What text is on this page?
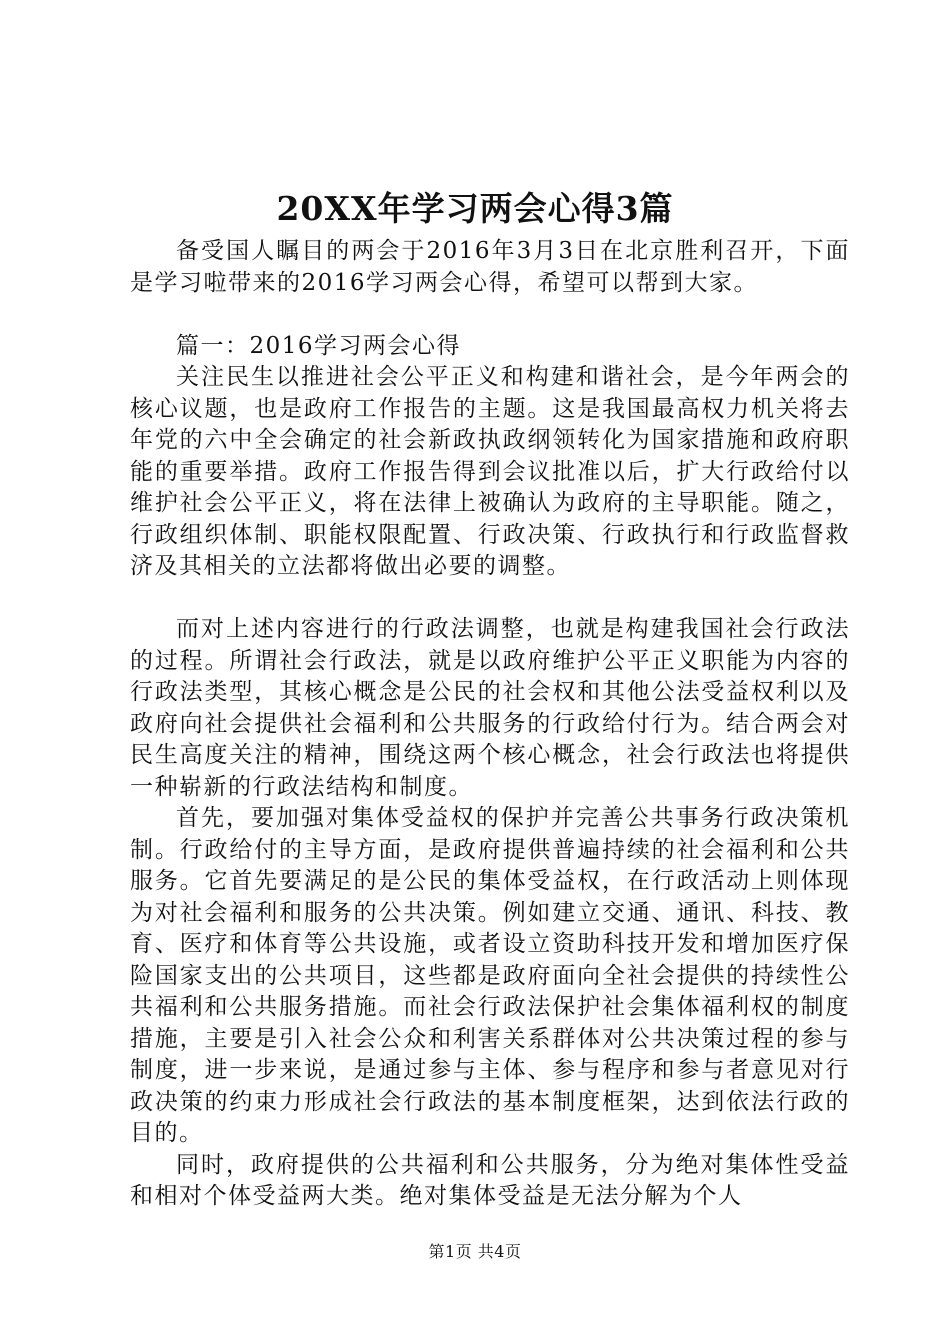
20XX年学习两会心得3篇

备受国人瞩目的两会于2016年3月3日在北京胜利召开，下面是学习啦带来的2016学习两会心得，希望可以帮到大家。

篇一：2016学习两会心得

关注民生以推进社会公平正义和构建和谐社会，是今年两会的核心议题，也是政府工作报告的主题。这是我国最高权力机关将去年党的六中全会确定的社会新政执政纲领转化为国家措施和政府职能的重要举措。政府工作报告得到会议批准以后，扩大行政给付以维护社会公平正义，将在法律上被确认为政府的主导职能。随之，行政组织体制、职能权限配置、行政决策、行政执行和行政监督救济及其相关的立法都将做出必要的调整。

而对上述内容进行的行政法调整，也就是构建我国社会行政法的过程。所谓社会行政法，就是以政府维护公平正义职能为内容的行政法类型，其核心概念是公民的社会权和其他公法受益权利以及政府向社会提供社会福利和公共服务的行政给付行为。结合两会对民生高度关注的精神，围绕这两个核心概念，社会行政法也将提供一种崭新的行政法结构和制度。

首先，要加强对集体受益权的保护并完善公共事务行政决策机制。行政给付的主导方面，是政府提供普遍持续的社会福利和公共服务。它首先要满足的是公民的集体受益权，在行政活动上则体现为对社会福利和服务的公共决策。例如建立交通、通讯、科技、教育、医疗和体育等公共设施，或者设立资助科技开发和增加医疗保险国家支出的公共项目，这些都是政府面向全社会提供的持续性公共福利和公共服务措施。而社会行政法保护社会集体福利权的制度措施，主要是引入社会公众和利害关系群体对公共决策过程的参与制度，进一步来说，是通过参与主体、参与程序和参与者意见对行政决策的约束力形成社会行政法的基本制度框架，达到依法行政的目的。

同时，政府提供的公共福利和公共服务，分为绝对集体性受益和相对个体受益两大类。绝对集体受益是无法分解为个人

第1页 共4页
